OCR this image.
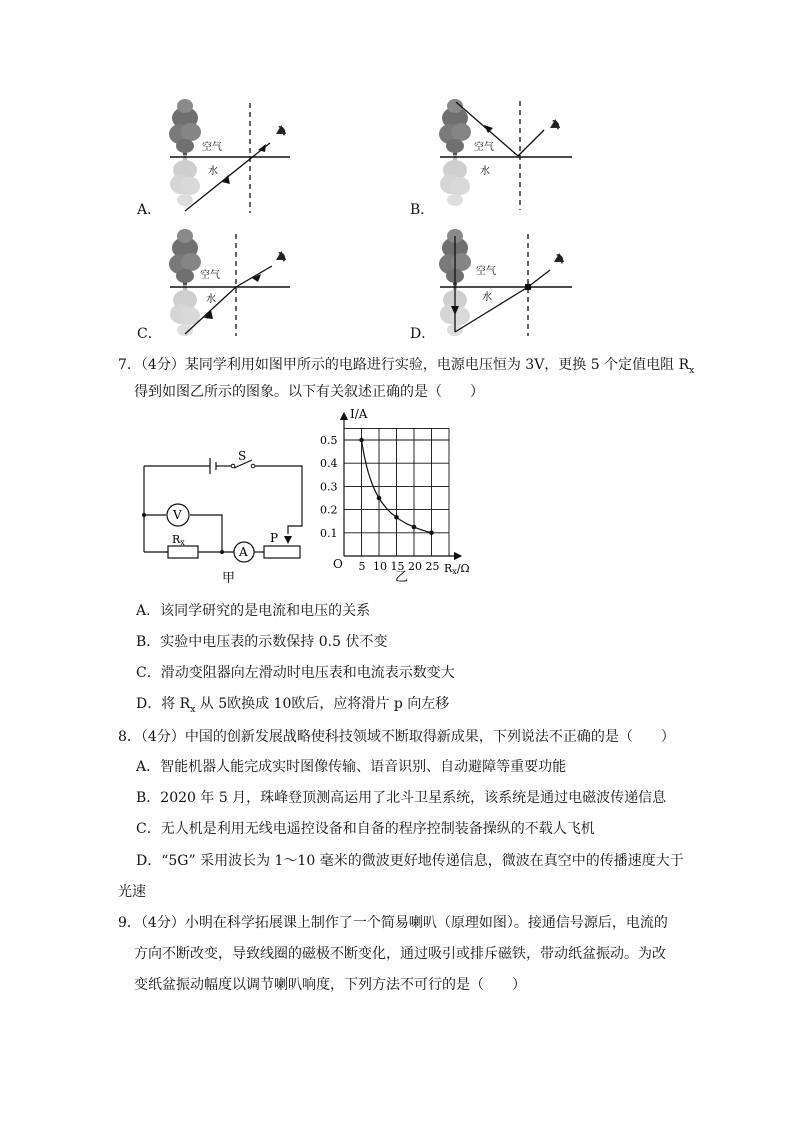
空气
水
A．
空气
水
B．
空气
水
C．
空气
水
D．
7．（4分）某同学利用如图甲所示的电路进行实验，电源电压恒为 3V，更换 5 个定值电阻 $R_x$
得到如图乙所示的图象。以下有关叙述正确的是（　　）
S
V
A
Rx	P
甲
5 10 15 20 25
0.5
0.4
0.3
0.2
0.1
I/A
O	Rx/Ω
乙
A．该同学研究的是电流和电压的关系
B．实验中电压表的示数保持 0.5 伏不变
C．滑动变阻器向左滑动时电压表和电流表示数变大
D．将 $R_x$ 从 5欧换成 10欧后，应将滑片 p 向左移
8．（4分）中国的创新发展战略使科技领域不断取得新成果，下列说法不正确的是（　　）
A．智能机器人能完成实时图像传输、语音识别、自动避障等重要功能
B．2020 年 5 月，珠峰登顶测高运用了北斗卫星系统，该系统是通过电磁波传递信息
C．无人机是利用无线电遥控设备和自备的程序控制装备操纵的不载人飞机
D．“5G” 采用波长为 1～10 毫米的微波更好地传递信息，微波在真空中的传播速度大于
光速
9．（4分）小明在科学拓展课上制作了一个简易喇叭（原理如图）。接通信号源后，电流的
方向不断改变，导致线圈的磁极不断变化，通过吸引或排斥磁铁，带动纸盆振动。为改
变纸盆振动幅度以调节喇叭响度，下列方法不可行的是（　　）
